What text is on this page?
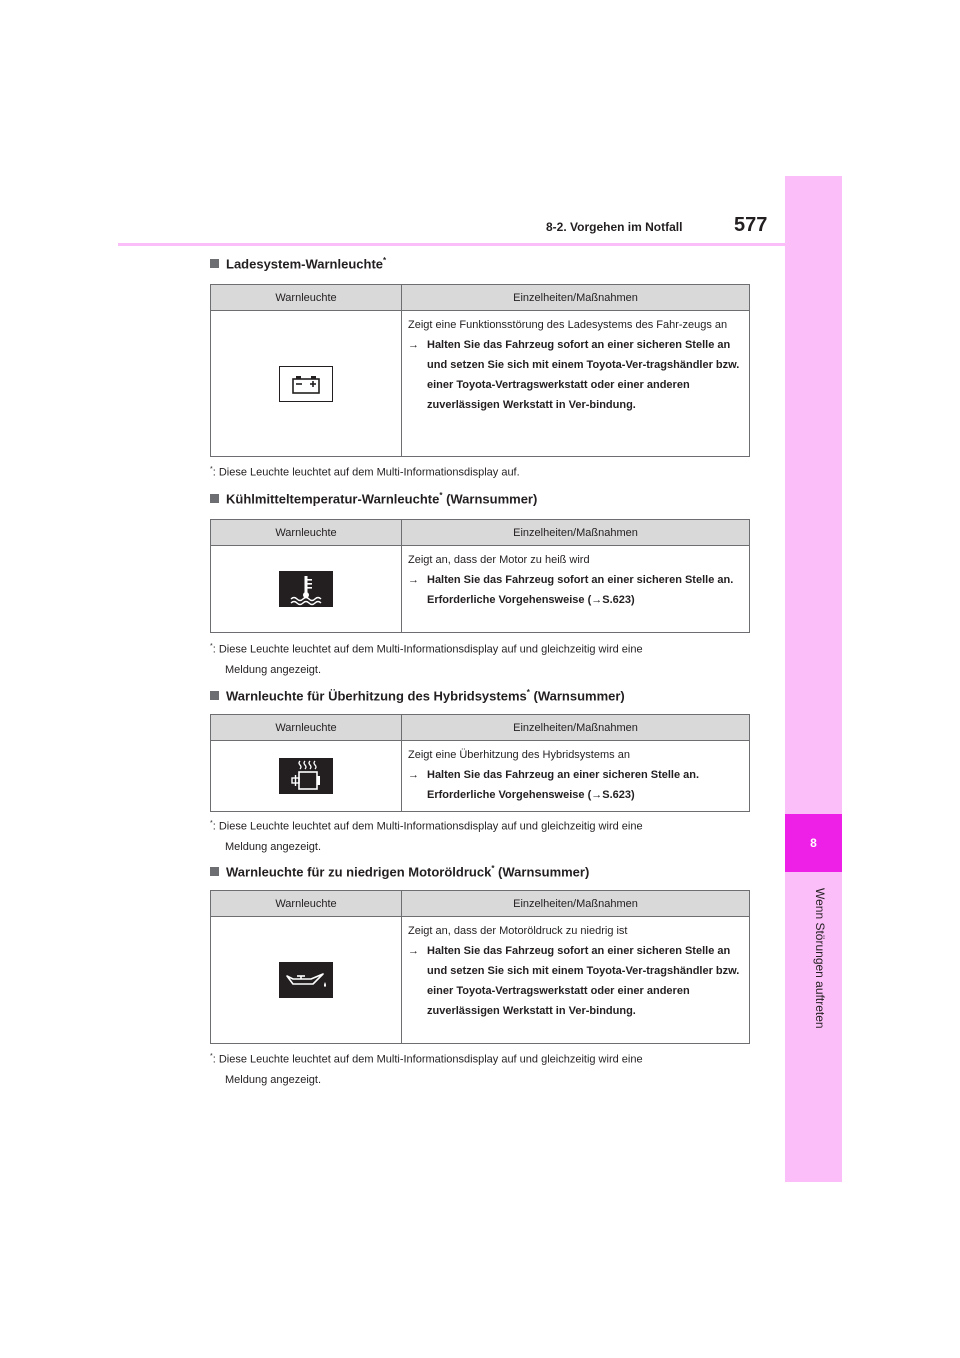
8
Wenn Störungen auftreten
8-2. Vorgehen im Notfall	577
Ladesystem-Warnleuchte*
Warnleuchte	Einzelheiten/Maßnahmen

Zeigt eine Funktionsstörung des Ladesystems des Fahr-zeugs an
→ Halten Sie das Fahrzeug sofort an einer sicheren Stelle an und setzen Sie sich mit einem Toyota-Ver-tragshändler bzw. einer Toyota-Vertragswerkstatt oder einer anderen zuverlässigen Werkstatt in Ver-bindung.
*: Diese Leuchte leuchtet auf dem Multi-Informationsdisplay auf.
Kühlmitteltemperatur-Warnleuchte* (Warnsummer)
Warnleuchte	Einzelheiten/Maßnahmen

Zeigt an, dass der Motor zu heiß wird
→ Halten Sie das Fahrzeug sofort an einer sicheren Stelle an.
Erforderliche Vorgehensweise (→S.623)
*: Diese Leuchte leuchtet auf dem Multi-Informationsdisplay auf und gleichzeitig wird eine
Meldung angezeigt.
Warnleuchte für Überhitzung des Hybridsystems* (Warnsummer)
Warnleuchte	Einzelheiten/Maßnahmen

Zeigt eine Überhitzung des Hybridsystems an
→ Halten Sie das Fahrzeug an einer sicheren Stelle an.
Erforderliche Vorgehensweise (→S.623)
*: Diese Leuchte leuchtet auf dem Multi-Informationsdisplay auf und gleichzeitig wird eine
Meldung angezeigt.
Warnleuchte für zu niedrigen Motoröldruck* (Warnsummer)
Warnleuchte	Einzelheiten/Maßnahmen

Zeigt an, dass der Motoröldruck zu niedrig ist
→ Halten Sie das Fahrzeug sofort an einer sicheren Stelle an und setzen Sie sich mit einem Toyota-Ver-tragshändler bzw. einer Toyota-Vertragswerkstatt oder einer anderen zuverlässigen Werkstatt in Ver-bindung.
*: Diese Leuchte leuchtet auf dem Multi-Informationsdisplay auf und gleichzeitig wird eine
Meldung angezeigt.
